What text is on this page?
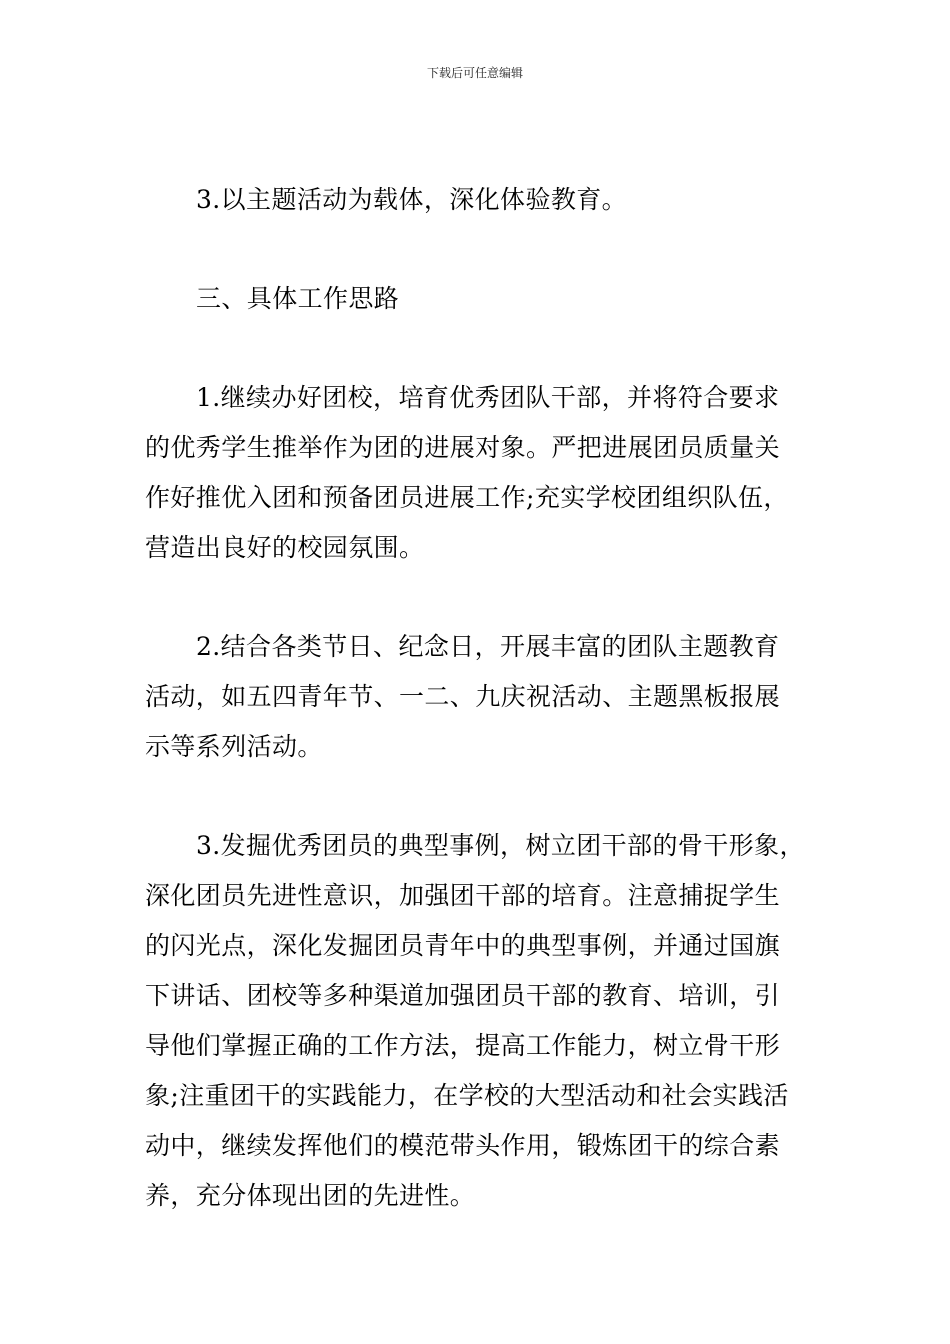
下载后可任意编辑
3.以主题活动为载体，深化体验教育。
三、具体工作思路
1.继续办好团校，培育优秀团队干部，并将符合要求
的优秀学生推举作为团的进展对象。严把进展团员质量关
作好推优入团和预备团员进展工作;充实学校团组织队伍，
营造出良好的校园氛围。
2.结合各类节日、纪念日，开展丰富的团队主题教育
活动，如五四青年节、一二、九庆祝活动、主题黑板报展
示等系列活动。
3.发掘优秀团员的典型事例，树立团干部的骨干形象，
深化团员先进性意识，加强团干部的培育。注意捕捉学生
的闪光点，深化发掘团员青年中的典型事例，并通过国旗
下讲话、团校等多种渠道加强团员干部的教育、培训，引
导他们掌握正确的工作方法，提高工作能力，树立骨干形
象;注重团干的实践能力，在学校的大型活动和社会实践活
动中，继续发挥他们的模范带头作用，锻炼团干的综合素
养，充分体现出团的先进性。
